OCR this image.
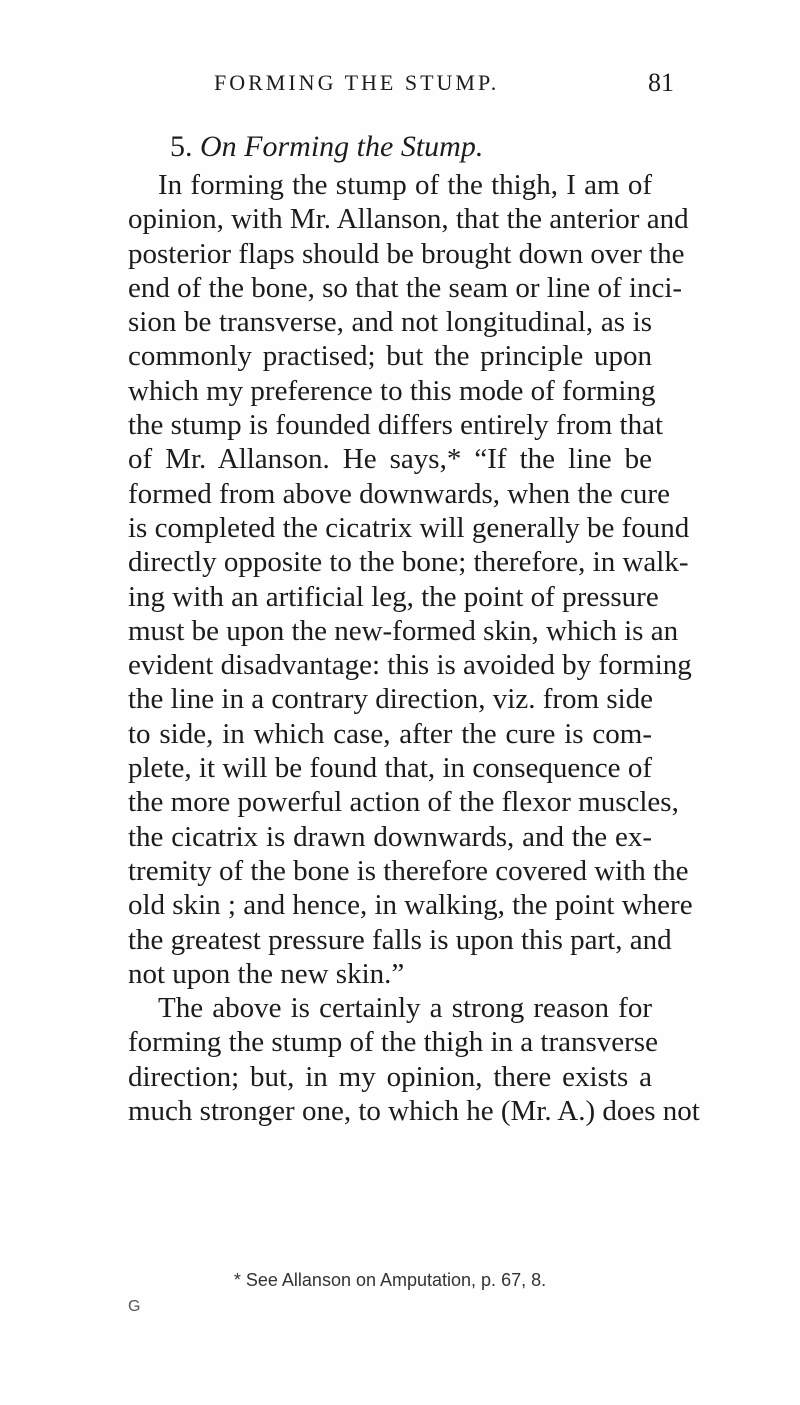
FORMING THE STUMP.	81
5. On Forming the Stump.
In forming the stump of the thigh, I am of
opinion, with Mr. Allanson, that the anterior and
posterior flaps should be brought down over the
end of the bone, so that the seam or line of inci-
sion be transverse, and not longitudinal, as is
commonly practised; but the principle upon
which my preference to this mode of forming
the stump is founded differs entirely from that
of Mr. Allanson. He says,* “If the line be
formed from above downwards, when the cure
is completed the cicatrix will generally be found
directly opposite to the bone; therefore, in walk-
ing with an artificial leg, the point of pressure
must be upon the new-formed skin, which is an
evident disadvantage: this is avoided by forming
the line in a contrary direction, viz. from side
to side, in which case, after the cure is com-
plete, it will be found that, in consequence of
the more powerful action of the flexor muscles,
the cicatrix is drawn downwards, and the ex-
tremity of the bone is therefore covered with the
old skin ; and hence, in walking, the point where
the greatest pressure falls is upon this part, and
not upon the new skin.”
The above is certainly a strong reason for
forming the stump of the thigh in a transverse
direction; but, in my opinion, there exists a
much stronger one, to which he (Mr. A.) does not
* See Allanson on Amputation, p. 67, 8.
G
